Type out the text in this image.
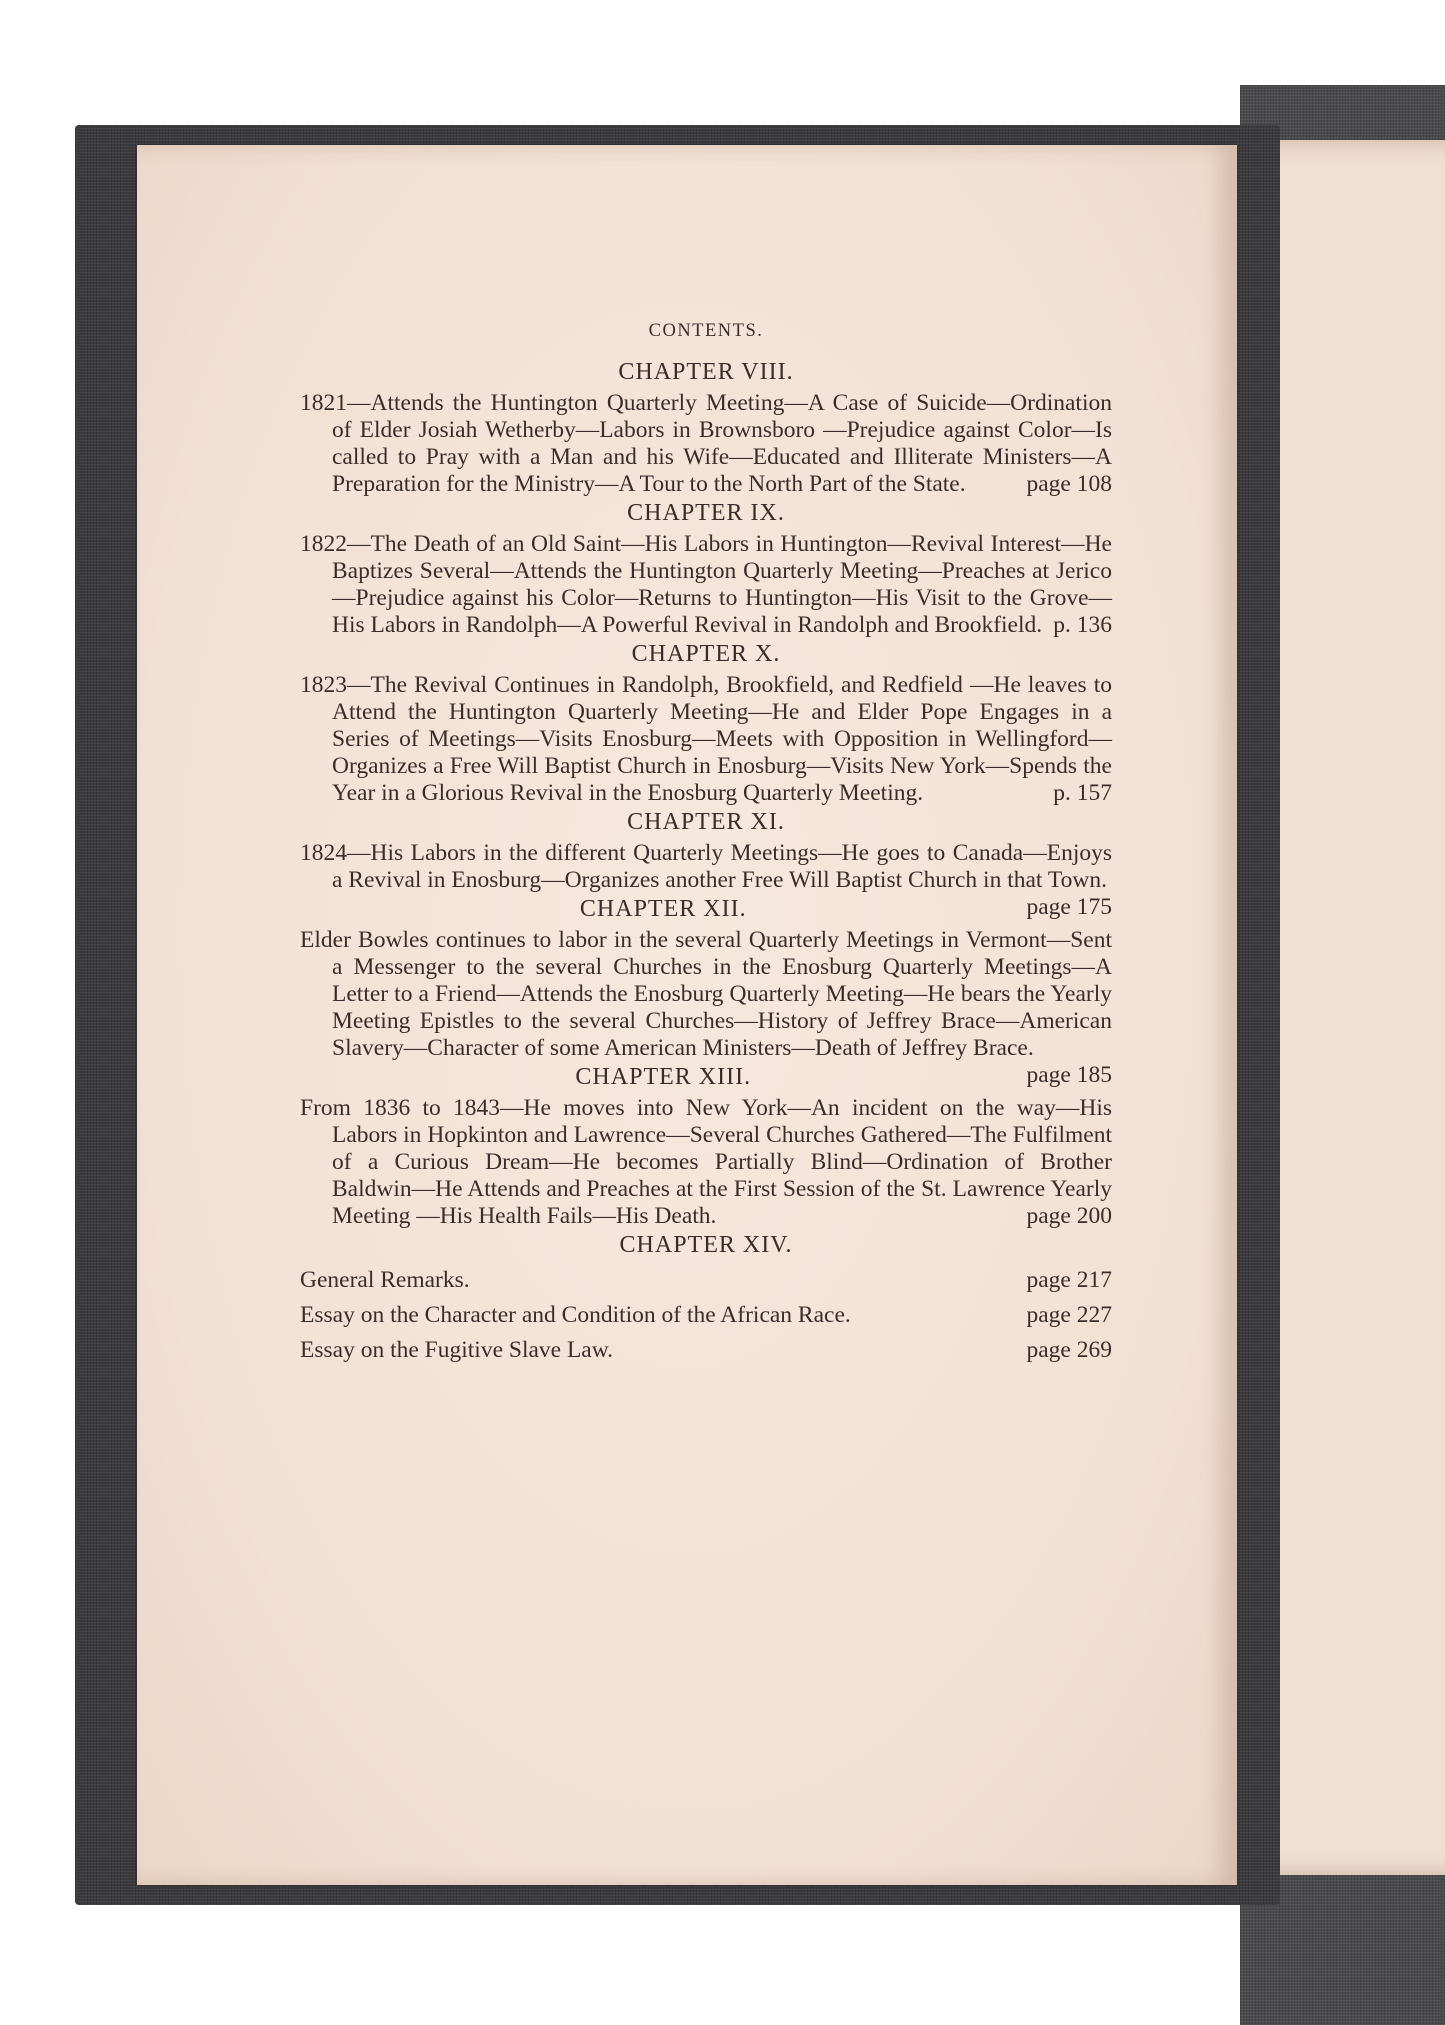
CONTENTS.
CHAPTER VIII.
1821—Attends the Huntington Quarterly Meeting—A Case of Suicide—Ordination of Elder Josiah Wetherby—Labors in Brownsboro —Prejudice against Color—Is called to Pray with a Man and his Wife—Educated and Illiterate Ministers—A Preparation for the Ministry—A Tour to the North Part of the State.	page 108
CHAPTER IX.
1822—The Death of an Old Saint—His Labors in Huntington—Revival Interest—He Baptizes Several—Attends the Huntington Quarterly Meeting—Preaches at Jerico—Prejudice against his Color—Returns to Huntington—His Visit to the Grove—His Labors in Randolph—A Powerful Revival in Randolph and Brookfield. p. 136
CHAPTER X.
1823—The Revival Continues in Randolph, Brookfield, and Redfield —He leaves to Attend the Huntington Quarterly Meeting—He and Elder Pope Engages in a Series of Meetings—Visits Enosburg—Meets with Opposition in Wellingford—Organizes a Free Will Baptist Church in Enosburg—Visits New York—Spends the Year in a Glorious Revival in the Enosburg Quarterly Meeting.	p. 157
CHAPTER XI.
1824—His Labors in the different Quarterly Meetings—He goes to Canada—Enjoys a Revival in Enosburg—Organizes another Free Will Baptist Church in that Town.
page 175
CHAPTER XII.
Elder Bowles continues to labor in the several Quarterly Meetings in Vermont—Sent a Messenger to the several Churches in the Enosburg Quarterly Meetings—A Letter to a Friend—Attends the Enosburg Quarterly Meeting—He bears the Yearly Meeting Epistles to the several Churches—History of Jeffrey Brace—American Slavery—Character of some American Ministers—Death of Jeffrey Brace.
page 185
CHAPTER XIII.
From 1836 to 1843—He moves into New York—An incident on the way—His Labors in Hopkinton and Lawrence—Several Churches Gathered—The Fulfilment of a Curious Dream—He becomes Partially Blind—Ordination of Brother Baldwin—He Attends and Preaches at the First Session of the St. Lawrence Yearly Meeting —His Health Fails—His Death.	page 200
CHAPTER XIV.
General Remarks.	page 217
Essay on the Character and Condition of the African Race.	page 227
Essay on the Fugitive Slave Law.	page 269
